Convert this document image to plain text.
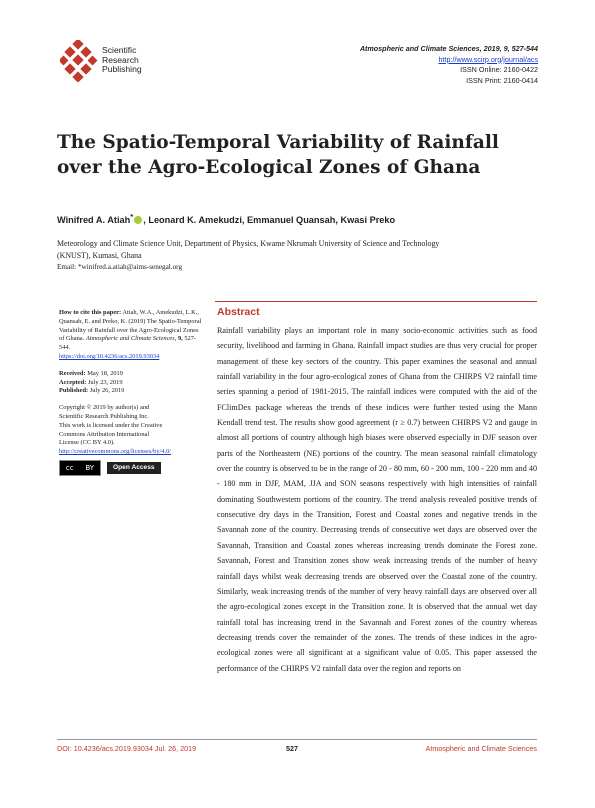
Scientific
Research
Publishing
Atmospheric and Climate Sciences, 2019, 9, 527-544
http://www.scirp.org/journal/acs
ISSN Online: 2160-0422
ISSN Print: 2160-0414
The Spatio-Temporal Variability of Rainfall
over the Agro-Ecological Zones of Ghana
Winifred A. Atiah* , Leonard K. Amekudzi, Emmanuel Quansah, Kwasi Preko
Meteorology and Climate Science Unit, Department of Physics, Kwame Nkrumah University of Science and Technology
(KNUST), Kumasi, Ghana
Email: *winifred.a.atiah@aims-senegal.org
How to cite this paper: Atiah, W.A., Amekudzi, L.K., Quansah, E. and Preko, K. (2019) The Spatio-Temporal Variability of Rainfall over the Agro-Ecological Zones of Ghana. Atmospheric and Climate Sciences, 9, 527-544.
https://doi.org/10.4236/acs.2019.93034
Received: May 18, 2019
Accepted: July 23, 2019
Published: July 26, 2019
Copyright © 2019 by author(s) and
Scientific Research Publishing Inc.
This work is licensed under the Creative
Commons Attribution International
License (CC BY 4.0).
http://creativecommons.org/licenses/by/4.0/
cc BY	Open Access
Abstract
Rainfall variability plays an important role in many socio-economic activities such as food security, livelihood and farming in Ghana. Rainfall impact studies are thus very crucial for proper management of these key sectors of the country. This paper examines the seasonal and annual rainfall variability in the four agro-ecological zones of Ghana from the CHIRPS V2 rainfall time series spanning a period of 1981-2015. The rainfall indices were computed with the aid of the FClimDex package whereas the trends of these indices were further tested using the Mann Kendall trend test. The results show good agreement (r ≥ 0.7) between CHIRPS V2 and gauge in almost all portions of country although high biases were observed especially in DJF season over parts of the Northeastern (NE) portions of the country. The mean seasonal rainfall climatology over the country is observed to be in the range of 20 - 80 mm, 60 - 200 mm, 100 - 220 mm and 40 - 180 mm in DJF, MAM, JJA and SON seasons respectively with high intensities of rainfall dominating Southwestern portions of the country. The trend analysis revealed positive trends of consecutive dry days in the Transition, Forest and Coastal zones and negative trends in the Savannah zone of the country. Decreasing trends of consecutive wet days are observed over the Savannah, Transition and Coastal zones whereas increasing trends dominate the Forest zone. Savannah, Forest and Transition zones show weak increasing trends of the number of heavy rainfall days whilst weak decreasing trends are observed over the Coastal zone of the country. Similarly, weak increasing trends of the number of very heavy rainfall days are observed over all the agro-ecological zones except in the Transition zone. It is observed that the annual wet day rainfall total has increasing trend in the Savannah and Forest zones of the country whereas decreasing trends cover the remainder of the zones. The trends of these indices in the agro-ecological zones were all significant at a significant value of 0.05. This paper assessed the performance of the CHIRPS V2 rainfall data over the region and reports on
DOI: 10.4236/acs.2019.93034 Jul. 26, 2019	527	Atmospheric and Climate Sciences
